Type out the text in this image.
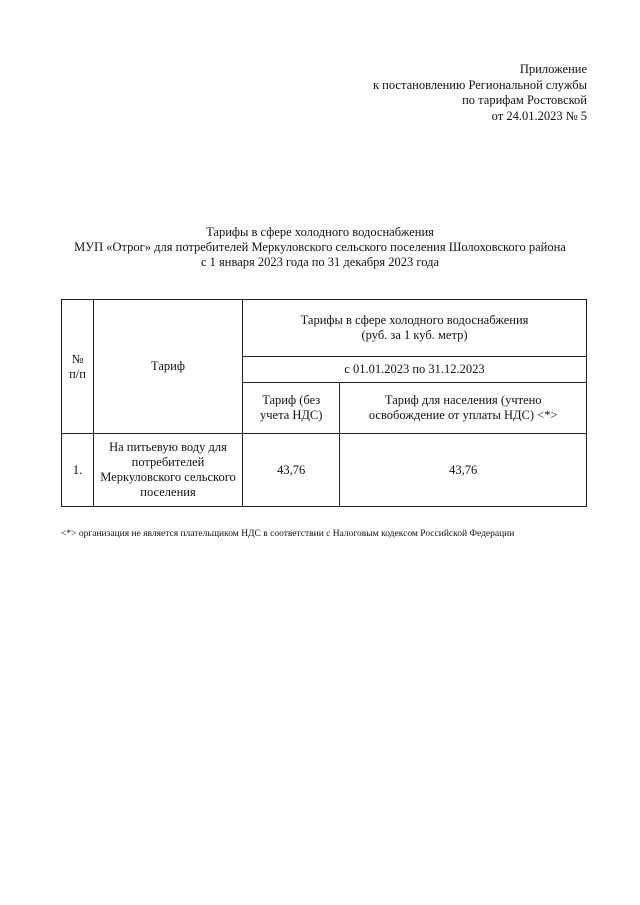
Приложение
к постановлению Региональной службы
по тарифам Ростовской
от 24.01.2023 № 5
Тарифы в сфере холодного водоснабжения
МУП «Отрог» для потребителей Меркуловского сельского поселения Шолоховского района
с 1 января 2023 года по 31 декабря 2023 года
№ п/п	Тариф	Тарифы в сфере холодного водоснабжения
(руб. за 1 куб. метр)	

		с 01.01.2023 по 31.12.2023	
		Тариф (без учета НДС)	Тариф для населения (учтено освобождение от уплаты НДС) <*>
1.	На питьевую воду для потребителей Меркуловского сельского поселения	43,76	43,76
<*> организация не является плательщиком НДС в соответствии с Налоговым кодексом Российской Федерации
